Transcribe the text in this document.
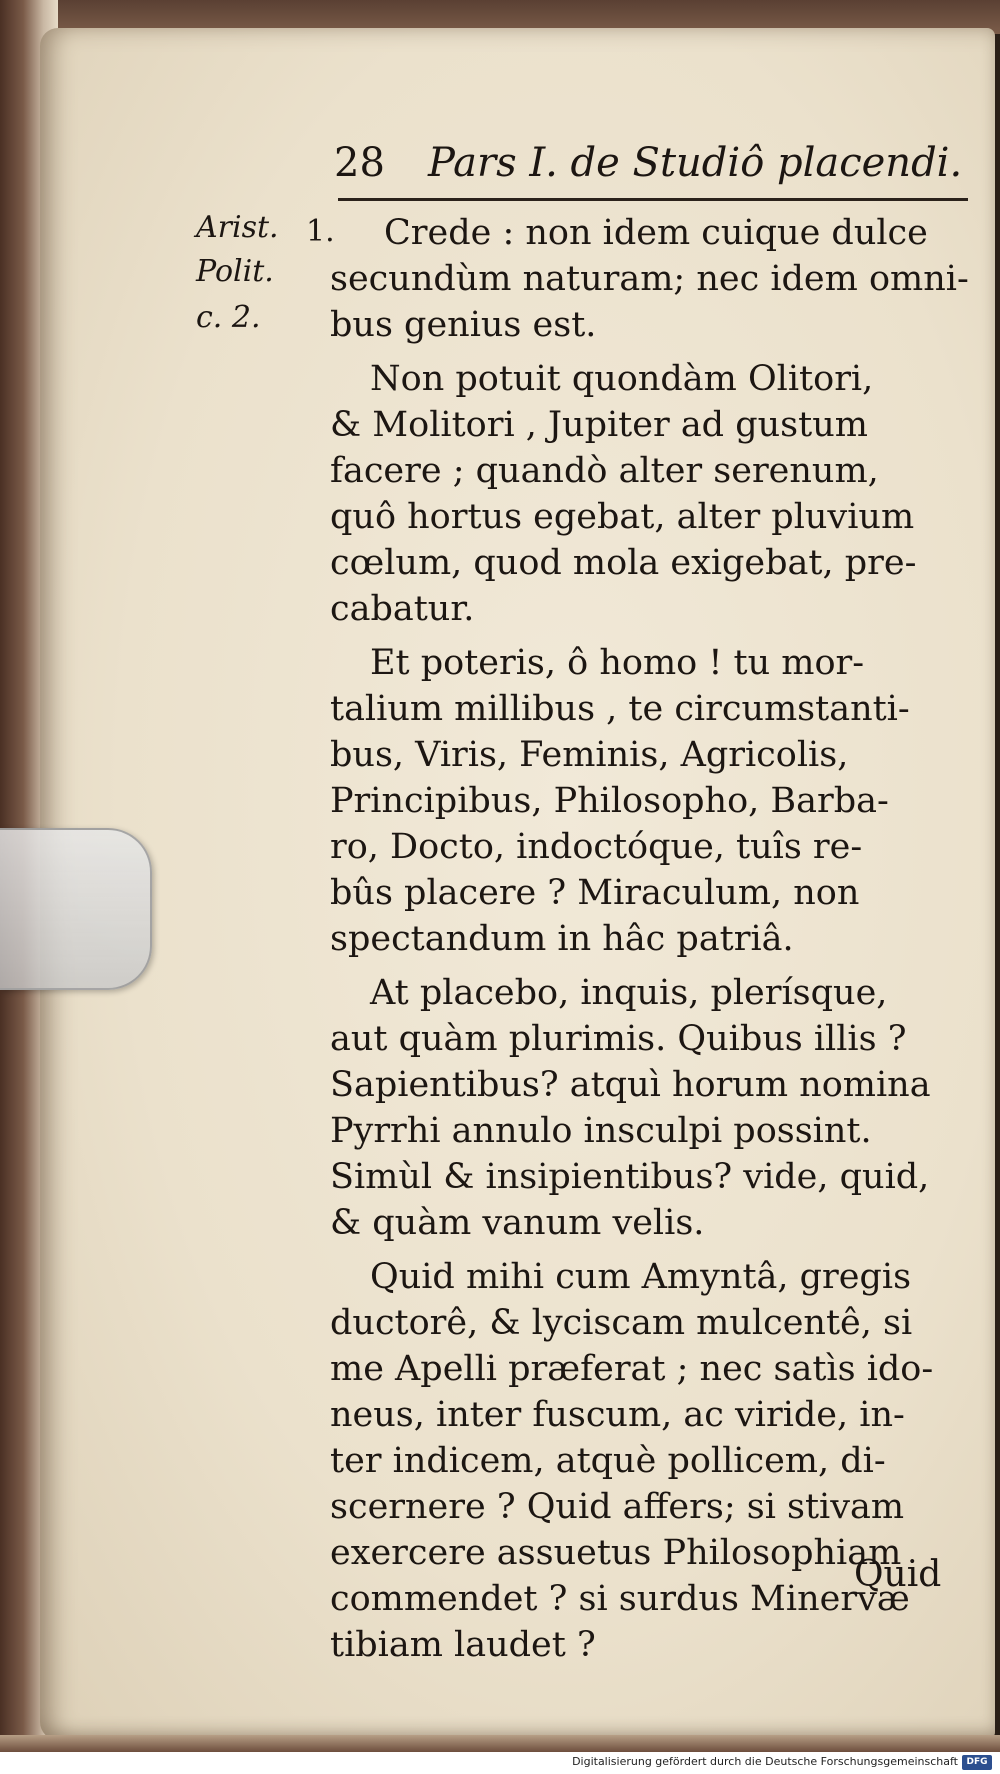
28 Pars I. de Studiô placendi.
Arist.
Polit.
c. 2.
1. Crede : non idem cuique dulce
secundùm naturam; nec idem omni-
bus genius est.
Non potuit quondàm Olitori,
& Molitori , Jupiter ad gustum
facere ; quandò alter serenum,
quô hortus egebat, alter pluvium
cœlum, quod mola exigebat, pre-
cabatur.
Et poteris, ô homo ! tu mor-
talium millibus , te circumstanti-
bus, Viris, Feminis, Agricolis,
Principibus, Philosopho, Barba-
ro, Docto, indoctóque, tuîs re-
bûs placere ? Miraculum, non
spectandum in hâc patriâ.
At placebo, inquis, plerísque,
aut quàm plurimis. Quibus illis ?
Sapientibus? atquì horum nomina
Pyrrhi annulo insculpi possint.
Simùl & insipientibus? vide, quid,
& quàm vanum velis.
Quid mihi cum Amyntâ, gregis
ductorê, & lyciscam mulcentê, si
me Apelli præferat ; nec satìs ido-
neus, inter fuscum, ac viride, in-
ter indicem, atquè pollicem, di-
scernere ? Quid affers; si stivam
exercere assuetus Philosophiam
commendet ? si surdus Minervæ
tibiam laudet ?
Quid
Digitalisierung gefördert durch die Deutsche Forschungsgemeinschaft DFG
